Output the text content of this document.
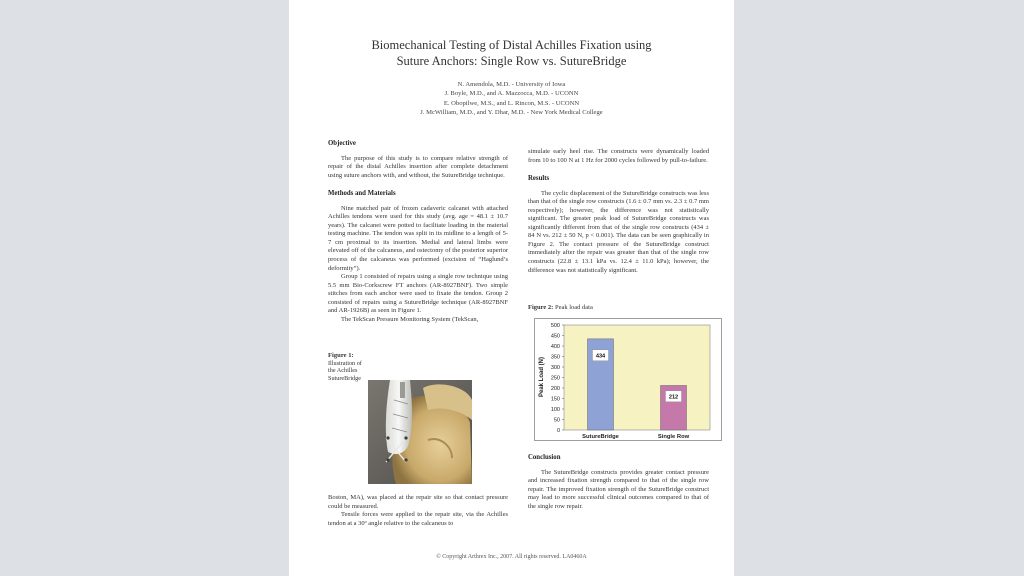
Biomechanical Testing of Distal Achilles Fixation using
Suture Anchors: Single Row vs. SutureBridge
N. Amendola, M.D. - University of Iowa
J. Boyle, M.D., and A. Mazzocca, M.D. - UCONN
E. Obopilwe, M.S., and L. Rincon, M.S. - UCONN
J. McWilliam, M.D., and Y. Dhar, M.D. - New York Medical College

Objective

The purpose of this study is to compare relative strength of repair of the distal Achilles insertion after complete detachment using suture anchors with, and without, the SutureBridge technique.

Methods and Materials

Nine matched pair of frozen cadaveric calcanei with attached Achilles tendons were used for this study (avg. age = 48.1 ± 10.7 years). The calcanei were potted to facilitate loading in the material testing machine. The tendon was split in its midline to a length of 5-7 cm proximal to its insertion. Medial and lateral limbs were elevated off of the calcaneus, and ostectomy of the posterior superior process of the calcaneus was performed (excision of “Haglund’s deformity”).

Group 1 consisted of repairs using a single row technique using 5.5 mm Bio-Corkscrew FT anchors (AR-8927BNF). Two simple stitches from each anchor were used to fixate the tendon. Group 2 consisted of repairs using a SutureBridge technique (AR-8927BNF and AR-1926B) as seen in Figure 1.

The TekScan Pressure Monitoring System (TekScan,

Figure 1:
Illustration of the Achilles SutureBridge

Boston, MA), was placed at the repair site so that contact pressure could be measured.

Tensile forces were applied to the repair site, via the Achilles tendon at a 30º angle relative to the calcaneus to

simulate early heel rise. The constructs were dynamically loaded from 10 to 100 N at 1 Hz for 2000 cycles followed by pull-to-failure.

Results

The cyclic displacement of the SutureBridge constructs was less than that of the single row constructs (1.6 ± 0.7 mm vs. 2.3 ± 0.7 mm respectively); however, the difference was not statistically significant. The greater peak load of SutureBridge constructs was significantly different from that of the single row constructs (434 ± 84 N vs. 212 ± 50 N, p < 0.001). The data can be seen graphically in Figure 2. The contact pressure of the SutureBridge construct immediately after the repair was greater than that of the single row constructs (22.8 ± 13.1 kPa vs. 12.4 ± 11.0 kPa); however, the difference was not statistically significant.

Figure 2: Peak load data
0
50
100
150
200
250
300
350
400
450
500
434
212
SutureBridge	Single Row
Peak Load (N)

Conclusion

The SutureBridge constructs provides greater contact pressure and increased fixation strength compared to that of the single row repair. The improved fixation strength of the SutureBridge construct may lead to more successful clinical outcomes compared to that of the single row repair.

© Copyright Arthrex Inc., 2007. All rights reserved. LA0460A
